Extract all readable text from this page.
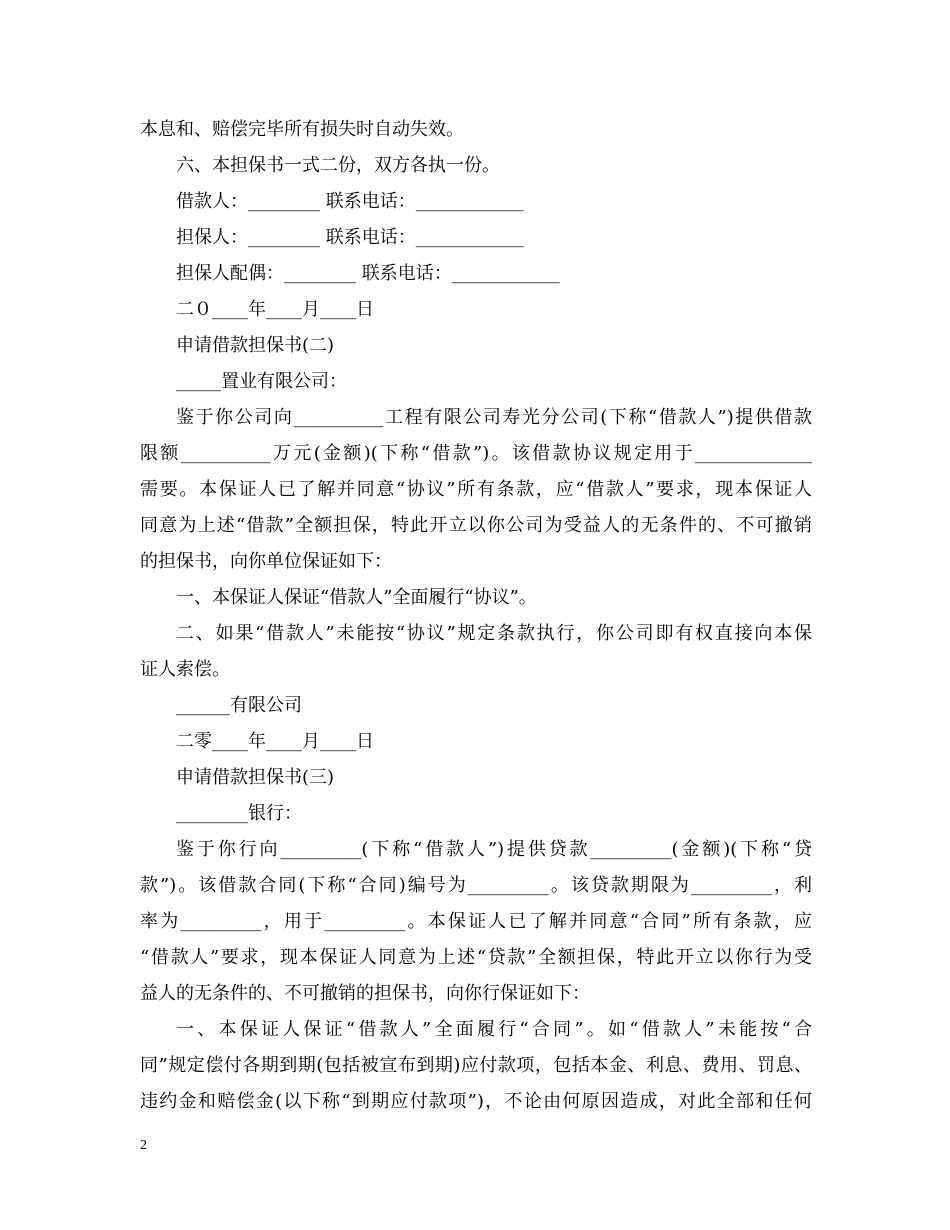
本息和、赔偿完毕所有损失时自动失效。
六、本担保书一式二份，双方各执一份。
借款人：________ 联系电话：____________
担保人：________ 联系电话：____________
担保人配偶：________ 联系电话：____________
二０____年____月____日
申请借款担保书(二)
_____置业有限公司：
鉴于你公司向__________工程有限公司寿光分公司(下称“借款人”)提供借款
限额__________万元(金额)(下称“借款”)。该借款协议规定用于_____________
需要。本保证人已了解并同意“协议”所有条款，应“借款人”要求，现本保证人
同意为上述“借款”全额担保，特此开立以你公司为受益人的无条件的、不可撤销
的担保书，向你单位保证如下：
一、本保证人保证“借款人”全面履行“协议”。
二、如果“借款人”未能按“协议”规定条款执行，你公司即有权直接向本保
证人索偿。
______有限公司
二零____年____月____日
申请借款担保书(三)
________银行：
鉴于你行向_________(下称“借款人”)提供贷款_________(金额)(下称“贷
款”)。该借款合同(下称“合同)编号为_________。该贷款期限为_________，利
率为_________，用于_________。本保证人已了解并同意“合同”所有条款，应
“借款人”要求，现本保证人同意为上述“贷款”全额担保，特此开立以你行为受
益人的无条件的、不可撤销的担保书，向你行保证如下：
一、本保证人保证“借款人”全面履行“合同”。如“借款人”未能按“合
同”规定偿付各期到期(包括被宣布到期)应付款项，包括本金、利息、费用、罚息、
违约金和赔偿金(以下称“到期应付款项”)，不论由何原因造成，对此全部和任何
2
